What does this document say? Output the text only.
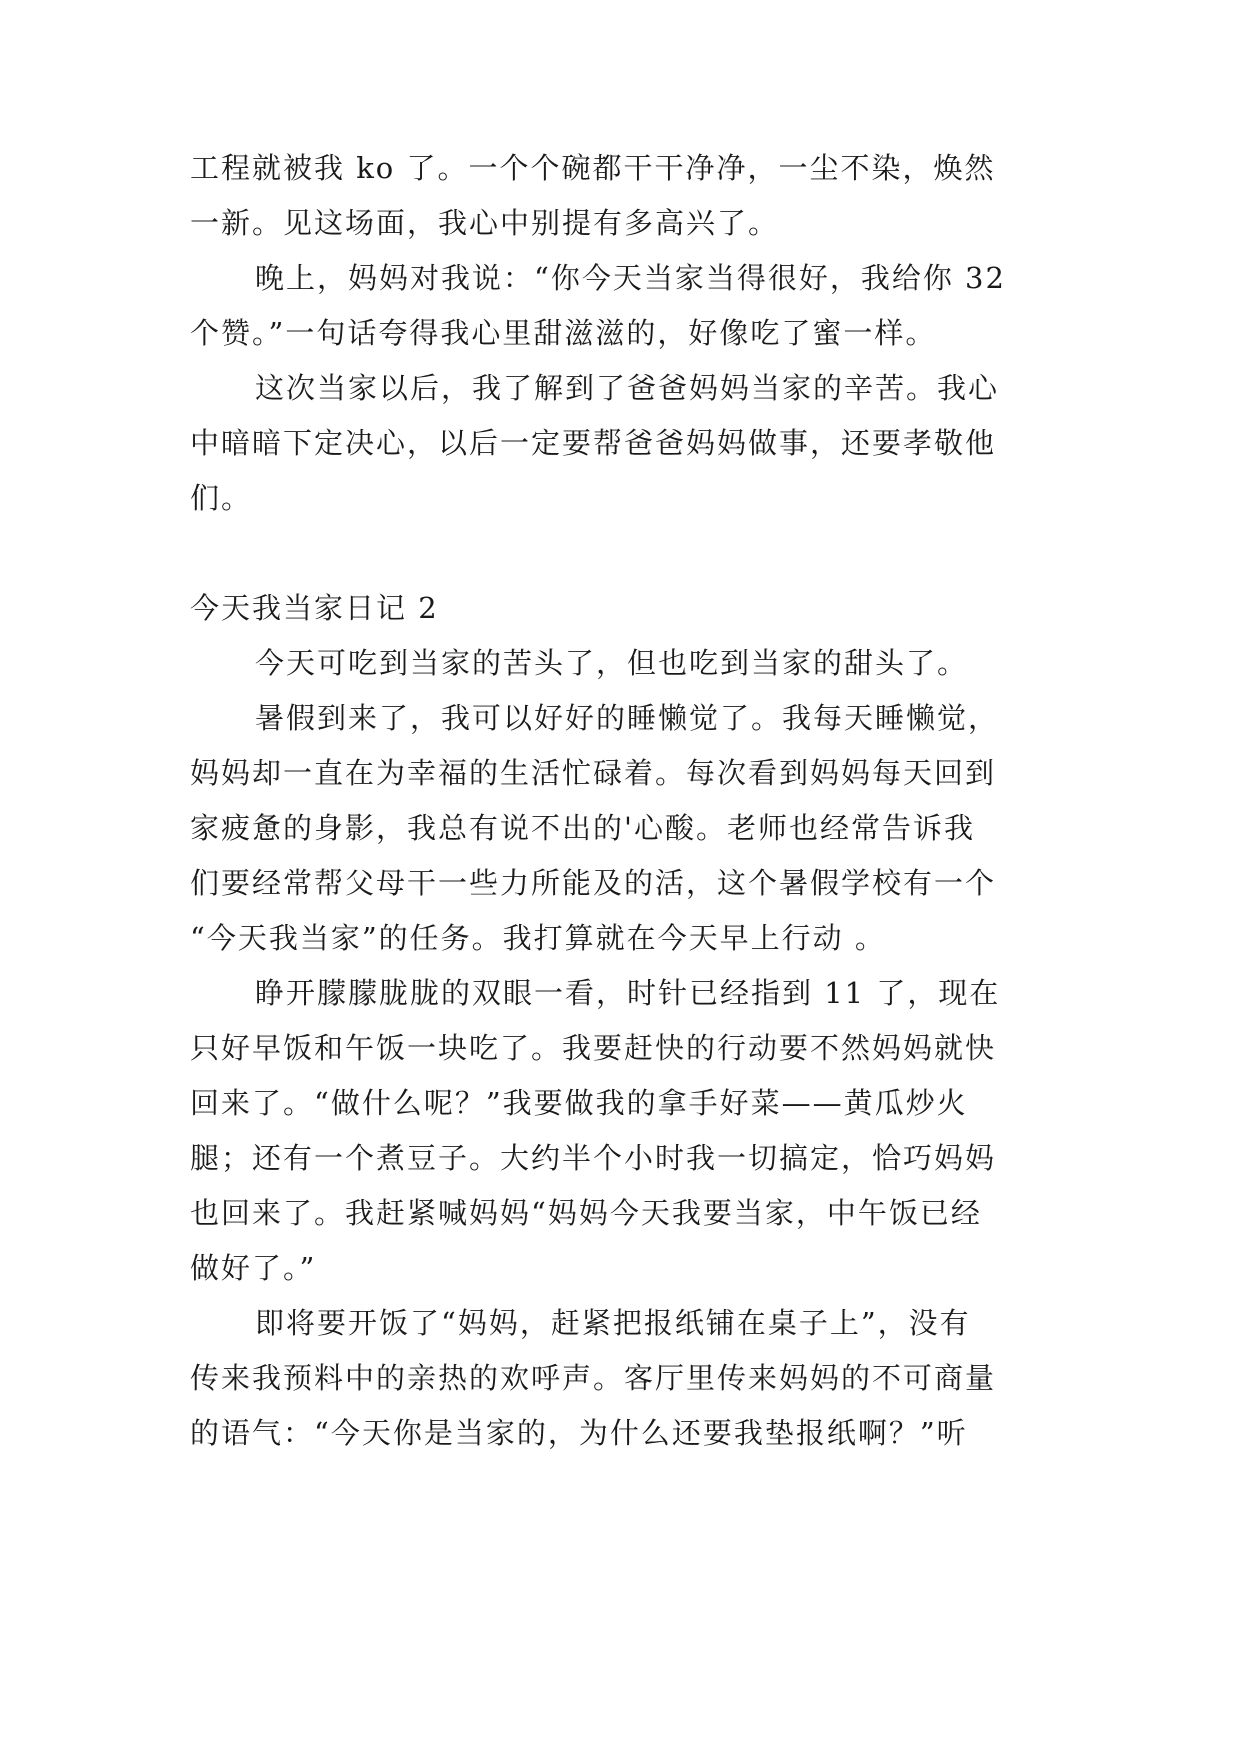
工程就被我 ko 了。一个个碗都干干净净，一尘不染，焕然
一新。见这场面，我心中别提有多高兴了。
晚上，妈妈对我说：“你今天当家当得很好，我给你 32
个赞。”一句话夸得我心里甜滋滋的，好像吃了蜜一样。
这次当家以后，我了解到了爸爸妈妈当家的辛苦。我心
中暗暗下定决心，以后一定要帮爸爸妈妈做事，还要孝敬他
们。
今天我当家日记 2
今天可吃到当家的苦头了，但也吃到当家的甜头了。
暑假到来了，我可以好好的睡懒觉了。我每天睡懒觉，
妈妈却一直在为幸福的生活忙碌着。每次看到妈妈每天回到
家疲惫的身影，我总有说不出的'心酸。老师也经常告诉我
们要经常帮父母干一些力所能及的活，这个暑假学校有一个
“今天我当家”的任务。我打算就在今天早上行动 。
睁开朦朦胧胧的双眼一看，时针已经指到 11 了，现在
只好早饭和午饭一块吃了。我要赶快的行动要不然妈妈就快
回来了。“做什么呢？”我要做我的拿手好菜——黄瓜炒火
腿；还有一个煮豆子。大约半个小时我一切搞定，恰巧妈妈
也回来了。我赶紧喊妈妈“妈妈今天我要当家，中午饭已经
做好了。”
即将要开饭了“妈妈，赶紧把报纸铺在桌子上”，没有
传来我预料中的亲热的欢呼声。客厅里传来妈妈的不可商量
的语气：“今天你是当家的，为什么还要我垫报纸啊？”听
